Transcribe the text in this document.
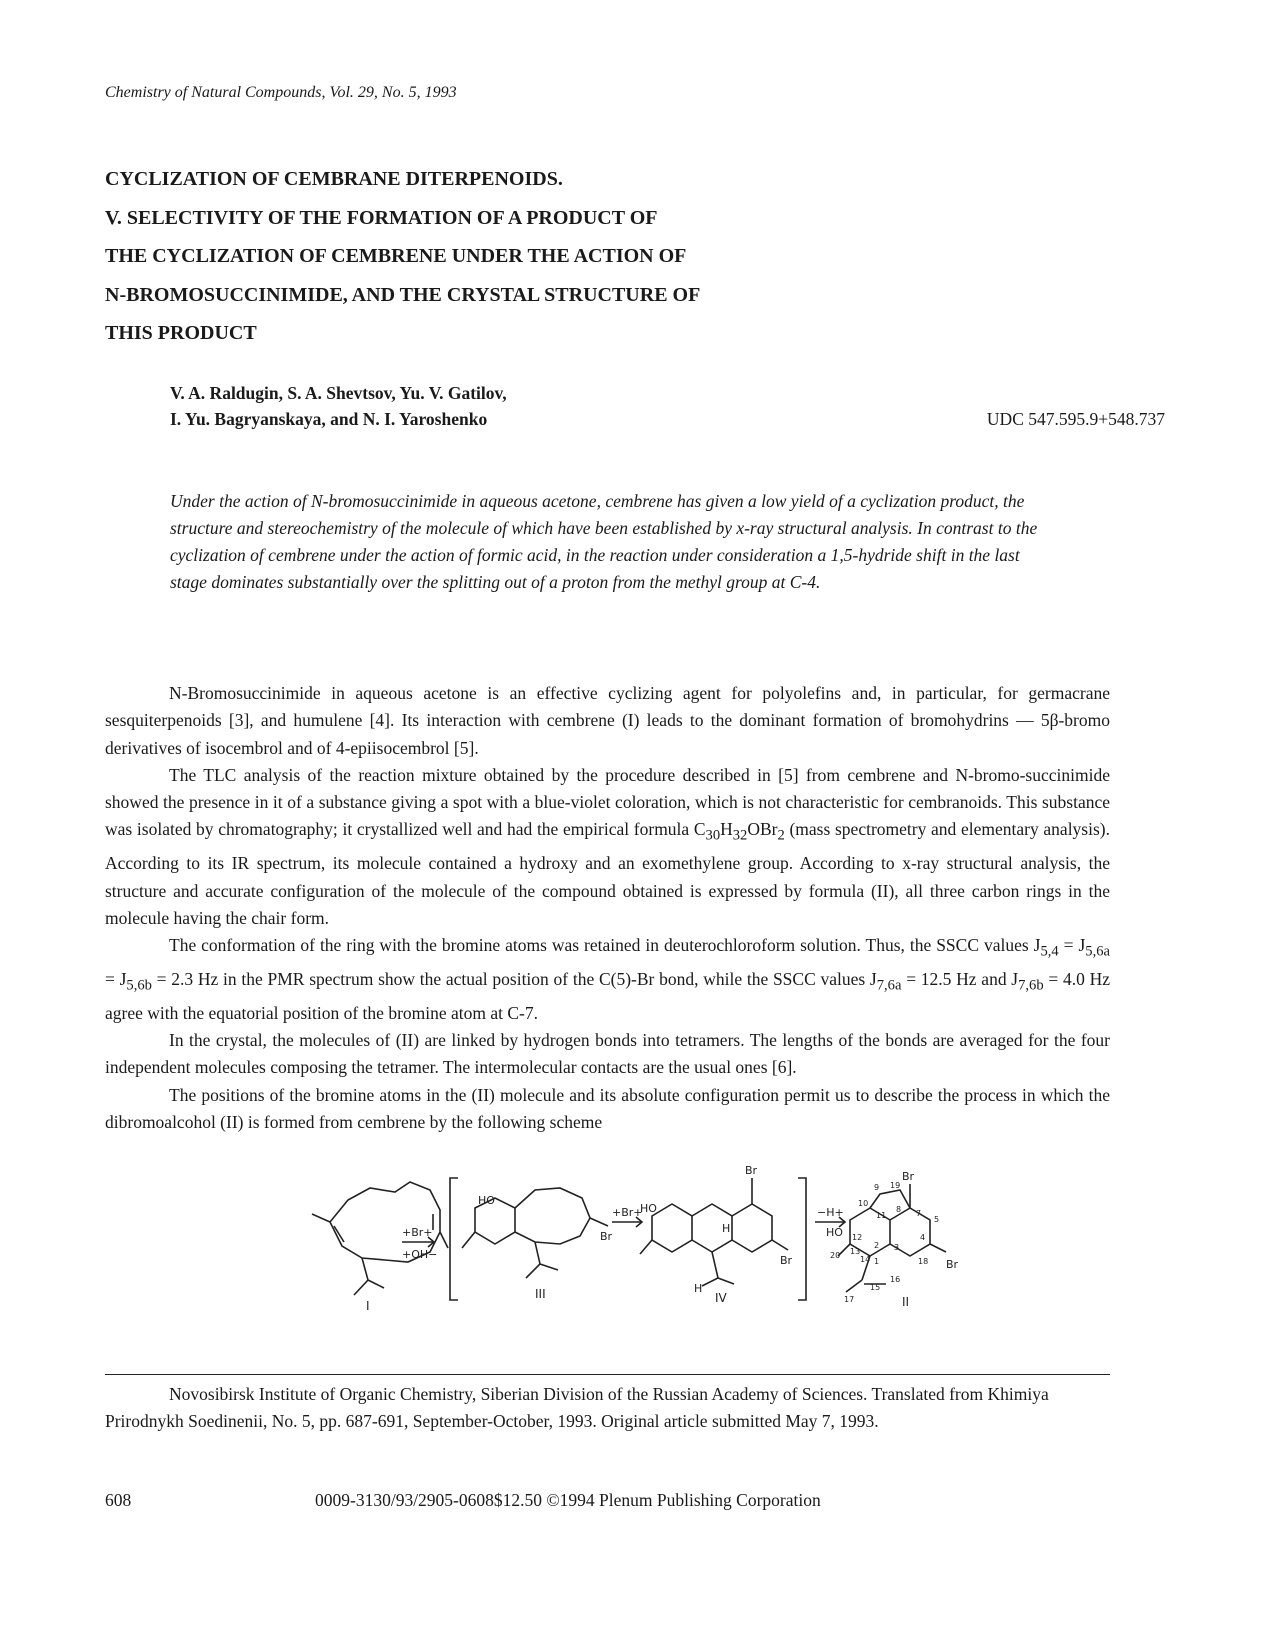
Chemistry of Natural Compounds, Vol. 29, No. 5, 1993
CYCLIZATION OF CEMBRANE DITERPENOIDS.
V. SELECTIVITY OF THE FORMATION OF A PRODUCT OF
THE CYCLIZATION OF CEMBRENE UNDER THE ACTION OF
N-BROMOSUCCINIMIDE, AND THE CRYSTAL STRUCTURE OF
THIS PRODUCT
V. A. Raldugin, S. A. Shevtsov, Yu. V. Gatilov,
I. Yu. Bagryanskaya, and N. I. Yaroshenko	UDC 547.595.9+548.737

Under the action of N-bromosuccinimide in aqueous acetone, cembrene has given a low yield of a cyclization product, the structure and stereochemistry of the molecule of which have been established by x-ray structural analysis. In contrast to the cyclization of cembrene under the action of formic acid, in the reaction under consideration a 1,5-hydride shift in the last stage dominates substantially over the splitting out of a proton from the methyl group at C-4.

N-Bromosuccinimide in aqueous acetone is an effective cyclizing agent for polyolefins and, in particular, for germacrane sesquiterpenoids [3], and humulene [4]. Its interaction with cembrene (I) leads to the dominant formation of bromohydrins — 5β-bromo derivatives of isocembrol and of 4-epiisocembrol [5].

The TLC analysis of the reaction mixture obtained by the procedure described in [5] from cembrene and N-bromo-succinimide showed the presence in it of a substance giving a spot with a blue-violet coloration, which is not characteristic for cembranoids. This substance was isolated by chromatography; it crystallized well and had the empirical formula $C_{30}H_{32}OBr_2$ (mass spectrometry and elementary analysis). According to its IR spectrum, its molecule contained a hydroxy and an exomethylene group. According to x-ray structural analysis, the structure and accurate configuration of the molecule of the compound obtained is expressed by formula (II), all three carbon rings in the molecule having the chair form.

The conformation of the ring with the bromine atoms was retained in deuterochloroform solution. Thus, the SSCC values $J_{5,4} = J_{5,6a} = J_{5,6b} = 2.3$ Hz in the PMR spectrum show the actual position of the C(5)-Br bond, while the SSCC values $J_{7,6a} = 12.5$ Hz and $J_{7,6b} = 4.0$ Hz agree with the equatorial position of the bromine atom at C-7.

In the crystal, the molecules of (II) are linked by hydrogen bonds into tetramers. The lengths of the bonds are averaged for the four independent molecules composing the tetramer. The intermolecular contacts are the usual ones [6].

The positions of the bromine atoms in the (II) molecule and its absolute configuration permit us to describe the process in which the dibromoalcohol (II) is formed from cembrene by the following scheme

+Br+
+OH−
I
HO
Br
III
+Br+
HO
Br
Br
H
H
IV
−H+
HO
Br
Br
II
19
9
10
11
8 7
5
4
3
2
12
13
14 1
20
15
16
17
18

Novosibirsk Institute of Organic Chemistry, Siberian Division of the Russian Academy of Sciences. Translated from Khimiya Prirodnykh Soedinenii, No. 5, pp. 687-691, September-October, 1993. Original article submitted May 7, 1993.

608	0009-3130/93/2905-0608$12.50 ©1994 Plenum Publishing Corporation
